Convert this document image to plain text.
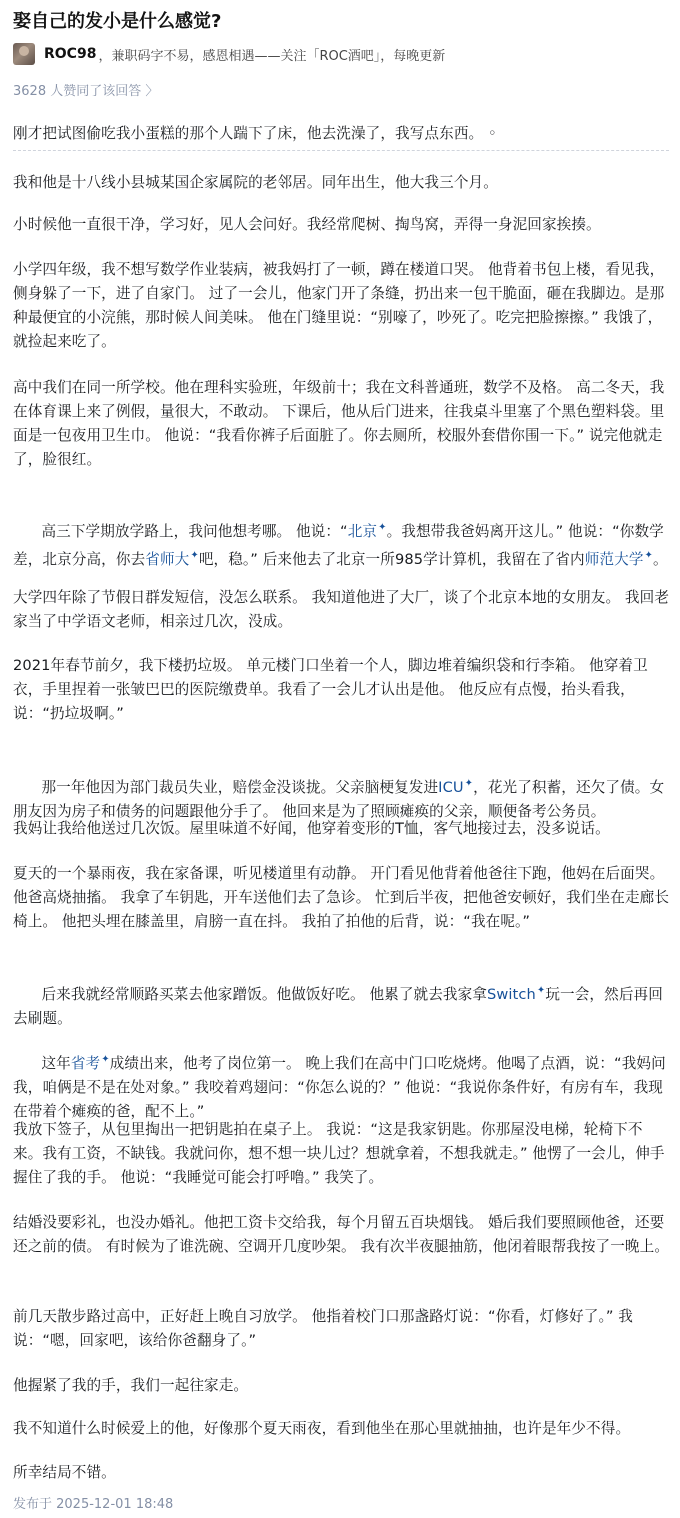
娶自己的发小是什么感觉?
ROC98 ，兼职码字不易，感恩相遇——关注「ROC酒吧」，每晚更新
3628 人赞同了该回答 〉

刚才把试图偷吃我小蛋糕的那个人踹下了床，他去洗澡了，我写点东西。 ◦

我和他是十八线小县城某国企家属院的老邻居。同年出生，他大我三个月。

小时候他一直很干净，学习好，见人会问好。我经常爬树、掏鸟窝，弄得一身泥回家挨揍。

小学四年级，我不想写数学作业装病，被我妈打了一顿，蹲在楼道口哭。 他背着书包上楼，看见我，侧身躲了一下，进了自家门。 过了一会儿，他家门开了条缝，扔出来一包干脆面，砸在我脚边。是那种最便宜的小浣熊，那时候人间美味。 他在门缝里说：“别嚎了，吵死了。吃完把脸擦擦。” 我饿了，就捡起来吃了。

高中我们在同一所学校。他在理科实验班，年级前十；我在文科普通班，数学不及格。 高二冬天，我在体育课上来了例假，量很大，不敢动。 下课后，他从后门进来，往我桌斗里塞了个黑色塑料袋。里面是一包夜用卫生巾。 他说：“我看你裤子后面脏了。你去厕所，校服外套借你围一下。” 说完他就走了，脸很红。

高三下学期放学路上，我问他想考哪。 他说：“北京✦。我想带我爸妈离开这儿。” 他说：“你数学差，北京分高，你去省师大✦吧，稳。” 后来他去了北京一所985学计算机，我留在了省内师范大学✦。

大学四年除了节假日群发短信，没怎么联系。 我知道他进了大厂，谈了个北京本地的女朋友。 我回老家当了中学语文老师，相亲过几次，没成。

2021年春节前夕，我下楼扔垃圾。 单元楼门口坐着一个人，脚边堆着编织袋和行李箱。 他穿着卫衣，手里捏着一张皱巴巴的医院缴费单。我看了一会儿才认出是他。 他反应有点慢，抬头看我，说：“扔垃圾啊。”

那一年他因为部门裁员失业，赔偿金没谈拢。父亲脑梗复发进ICU✦，花光了积蓄，还欠了债。女朋友因为房子和债务的问题跟他分手了。 他回来是为了照顾瘫痪的父亲，顺便备考公务员。

我妈让我给他送过几次饭。屋里味道不好闻，他穿着变形的T恤，客气地接过去，没多说话。

夏天的一个暴雨夜，我在家备课，听见楼道里有动静。 开门看见他背着他爸往下跑，他妈在后面哭。他爸高烧抽搐。 我拿了车钥匙，开车送他们去了急诊。 忙到后半夜，把他爸安顿好，我们坐在走廊长椅上。 他把头埋在膝盖里，肩膀一直在抖。 我拍了拍他的后背，说：“我在呢。”

后来我就经常顺路买菜去他家蹭饭。他做饭好吃。 他累了就去我家拿Switch✦玩一会，然后再回去刷题。

这年省考✦成绩出来，他考了岗位第一。 晚上我们在高中门口吃烧烤。他喝了点酒，说：“我妈问我，咱俩是不是在处对象。” 我咬着鸡翅问：“你怎么说的？” 他说：“我说你条件好，有房有车，我现在带着个瘫痪的爸，配不上。”

我放下签子，从包里掏出一把钥匙拍在桌子上。 我说：“这是我家钥匙。你那屋没电梯，轮椅下不来。我有工资，不缺钱。我就问你，想不想一块儿过？想就拿着，不想我就走。” 他愣了一会儿，伸手握住了我的手。 他说：“我睡觉可能会打呼噜。” 我笑了。

结婚没要彩礼，也没办婚礼。他把工资卡交给我，每个月留五百块烟钱。 婚后我们要照顾他爸，还要还之前的债。 有时候为了谁洗碗、空调开几度吵架。 我有次半夜腿抽筋，他闭着眼帮我按了一晚上。

前几天散步路过高中，正好赶上晚自习放学。 他指着校门口那盏路灯说：“你看，灯修好了。” 我说：“嗯，回家吧，该给你爸翻身了。”

他握紧了我的手，我们一起往家走。

我不知道什么时候爱上的他，好像那个夏天雨夜，看到他坐在那心里就抽抽，也许是年少不得。

所幸结局不错。

发布于 2025-12-01 18:48
